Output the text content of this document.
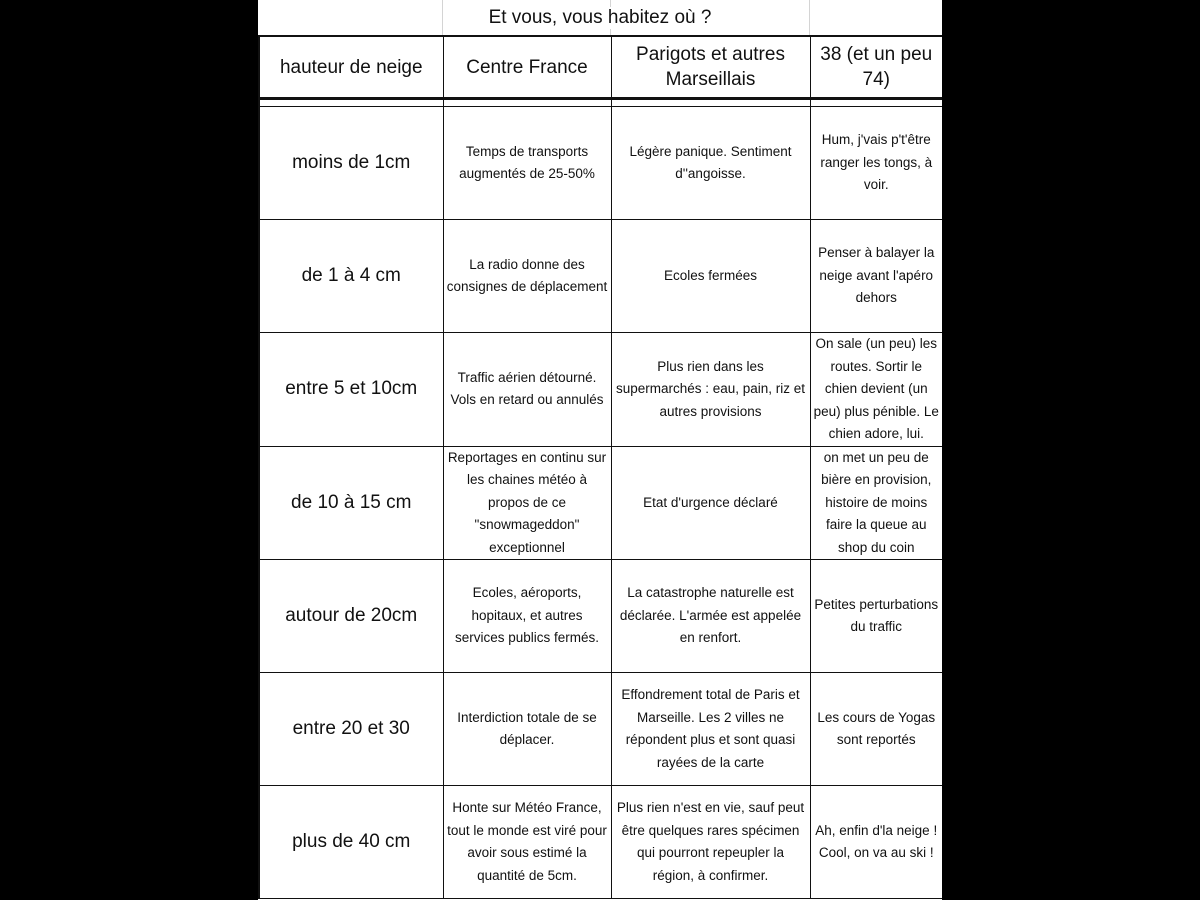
Et vous, vous habitez où ?
hauteur de neige	Centre France	Parigots et autres Marseillais	38 (et un peu 74)

moins de 1cm	Temps de transports augmentés de 25-50%	Légère panique. Sentiment d''angoisse.	Hum, j'vais p't'être ranger les tongs, à voir.
de 1 à 4 cm	La radio donne des consignes de déplacement	Ecoles fermées	Penser à balayer la neige avant l'apéro dehors
entre 5 et 10cm	Traffic aérien détourné. Vols en retard ou annulés	Plus rien dans les supermarchés : eau, pain, riz et autres provisions	On sale (un peu) les routes. Sortir le chien devient (un peu) plus pénible. Le chien adore, lui.
de 10 à 15 cm	Reportages en continu sur les chaines météo à propos de ce "snowmageddon" exceptionnel	Etat d'urgence déclaré	on met un peu de bière en provision, histoire de moins faire la queue au shop du coin
autour de 20cm	Ecoles, aéroports, hopitaux, et autres services publics fermés.	La catastrophe naturelle est déclarée. L'armée est appelée en renfort.	Petites perturbations du traffic
entre 20 et 30	Interdiction totale de se déplacer.	Effondrement total de Paris et Marseille. Les 2 villes ne répondent plus et sont quasi rayées de la carte	Les cours de Yogas sont reportés
plus de 40 cm	Honte sur Météo France, tout le monde est viré pour avoir sous estimé la quantité de 5cm.	Plus rien n'est en vie, sauf peut être quelques rares spécimen qui pourront repeupler la région, à confirmer.	Ah, enfin d'la neige ! Cool, on va au ski !
